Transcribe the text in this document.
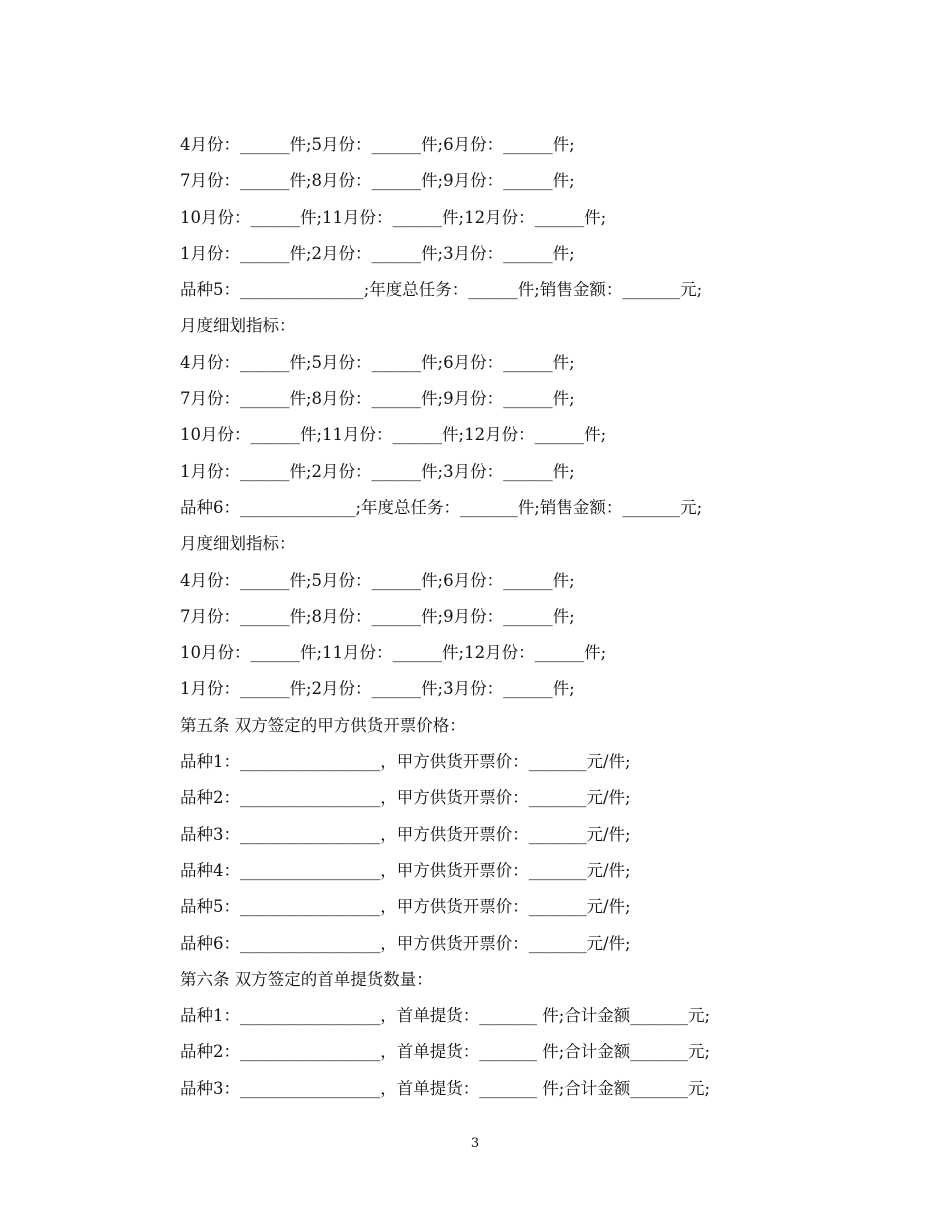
4月份：______件;5月份：______件;6月份：______件;
7月份：______件;8月份：______件;9月份：______件;
10月份：______件;11月份：______件;12月份：______件;
1月份：______件;2月份：______件;3月份：______件;
品种5：_______________;年度总任务：______件;销售金额：_______元;
月度细划指标：
4月份：______件;5月份：______件;6月份：______件;
7月份：______件;8月份：______件;9月份：______件;
10月份：______件;11月份：______件;12月份：______件;
1月份：______件;2月份：______件;3月份：______件;
品种6：______________;年度总任务：_______件;销售金额：_______元;
月度细划指标：
4月份：______件;5月份：______件;6月份：______件;
7月份：______件;8月份：______件;9月份：______件;
10月份：______件;11月份：______件;12月份：______件;
1月份：______件;2月份：______件;3月份：______件;
第五条 双方签定的甲方供货开票价格：
品种1：_________________，甲方供货开票价：_______元/件;
品种2：_________________，甲方供货开票价：_______元/件;
品种3：_________________，甲方供货开票价：_______元/件;
品种4：_________________，甲方供货开票价：_______元/件;
品种5：_________________，甲方供货开票价：_______元/件;
品种6：_________________，甲方供货开票价：_______元/件;
第六条 双方签定的首单提货数量：
品种1：_________________，首单提货：_______ 件;合计金额_______元;
品种2：_________________，首单提货：_______ 件;合计金额_______元;
品种3：_________________，首单提货：_______ 件;合计金额_______元;
3
